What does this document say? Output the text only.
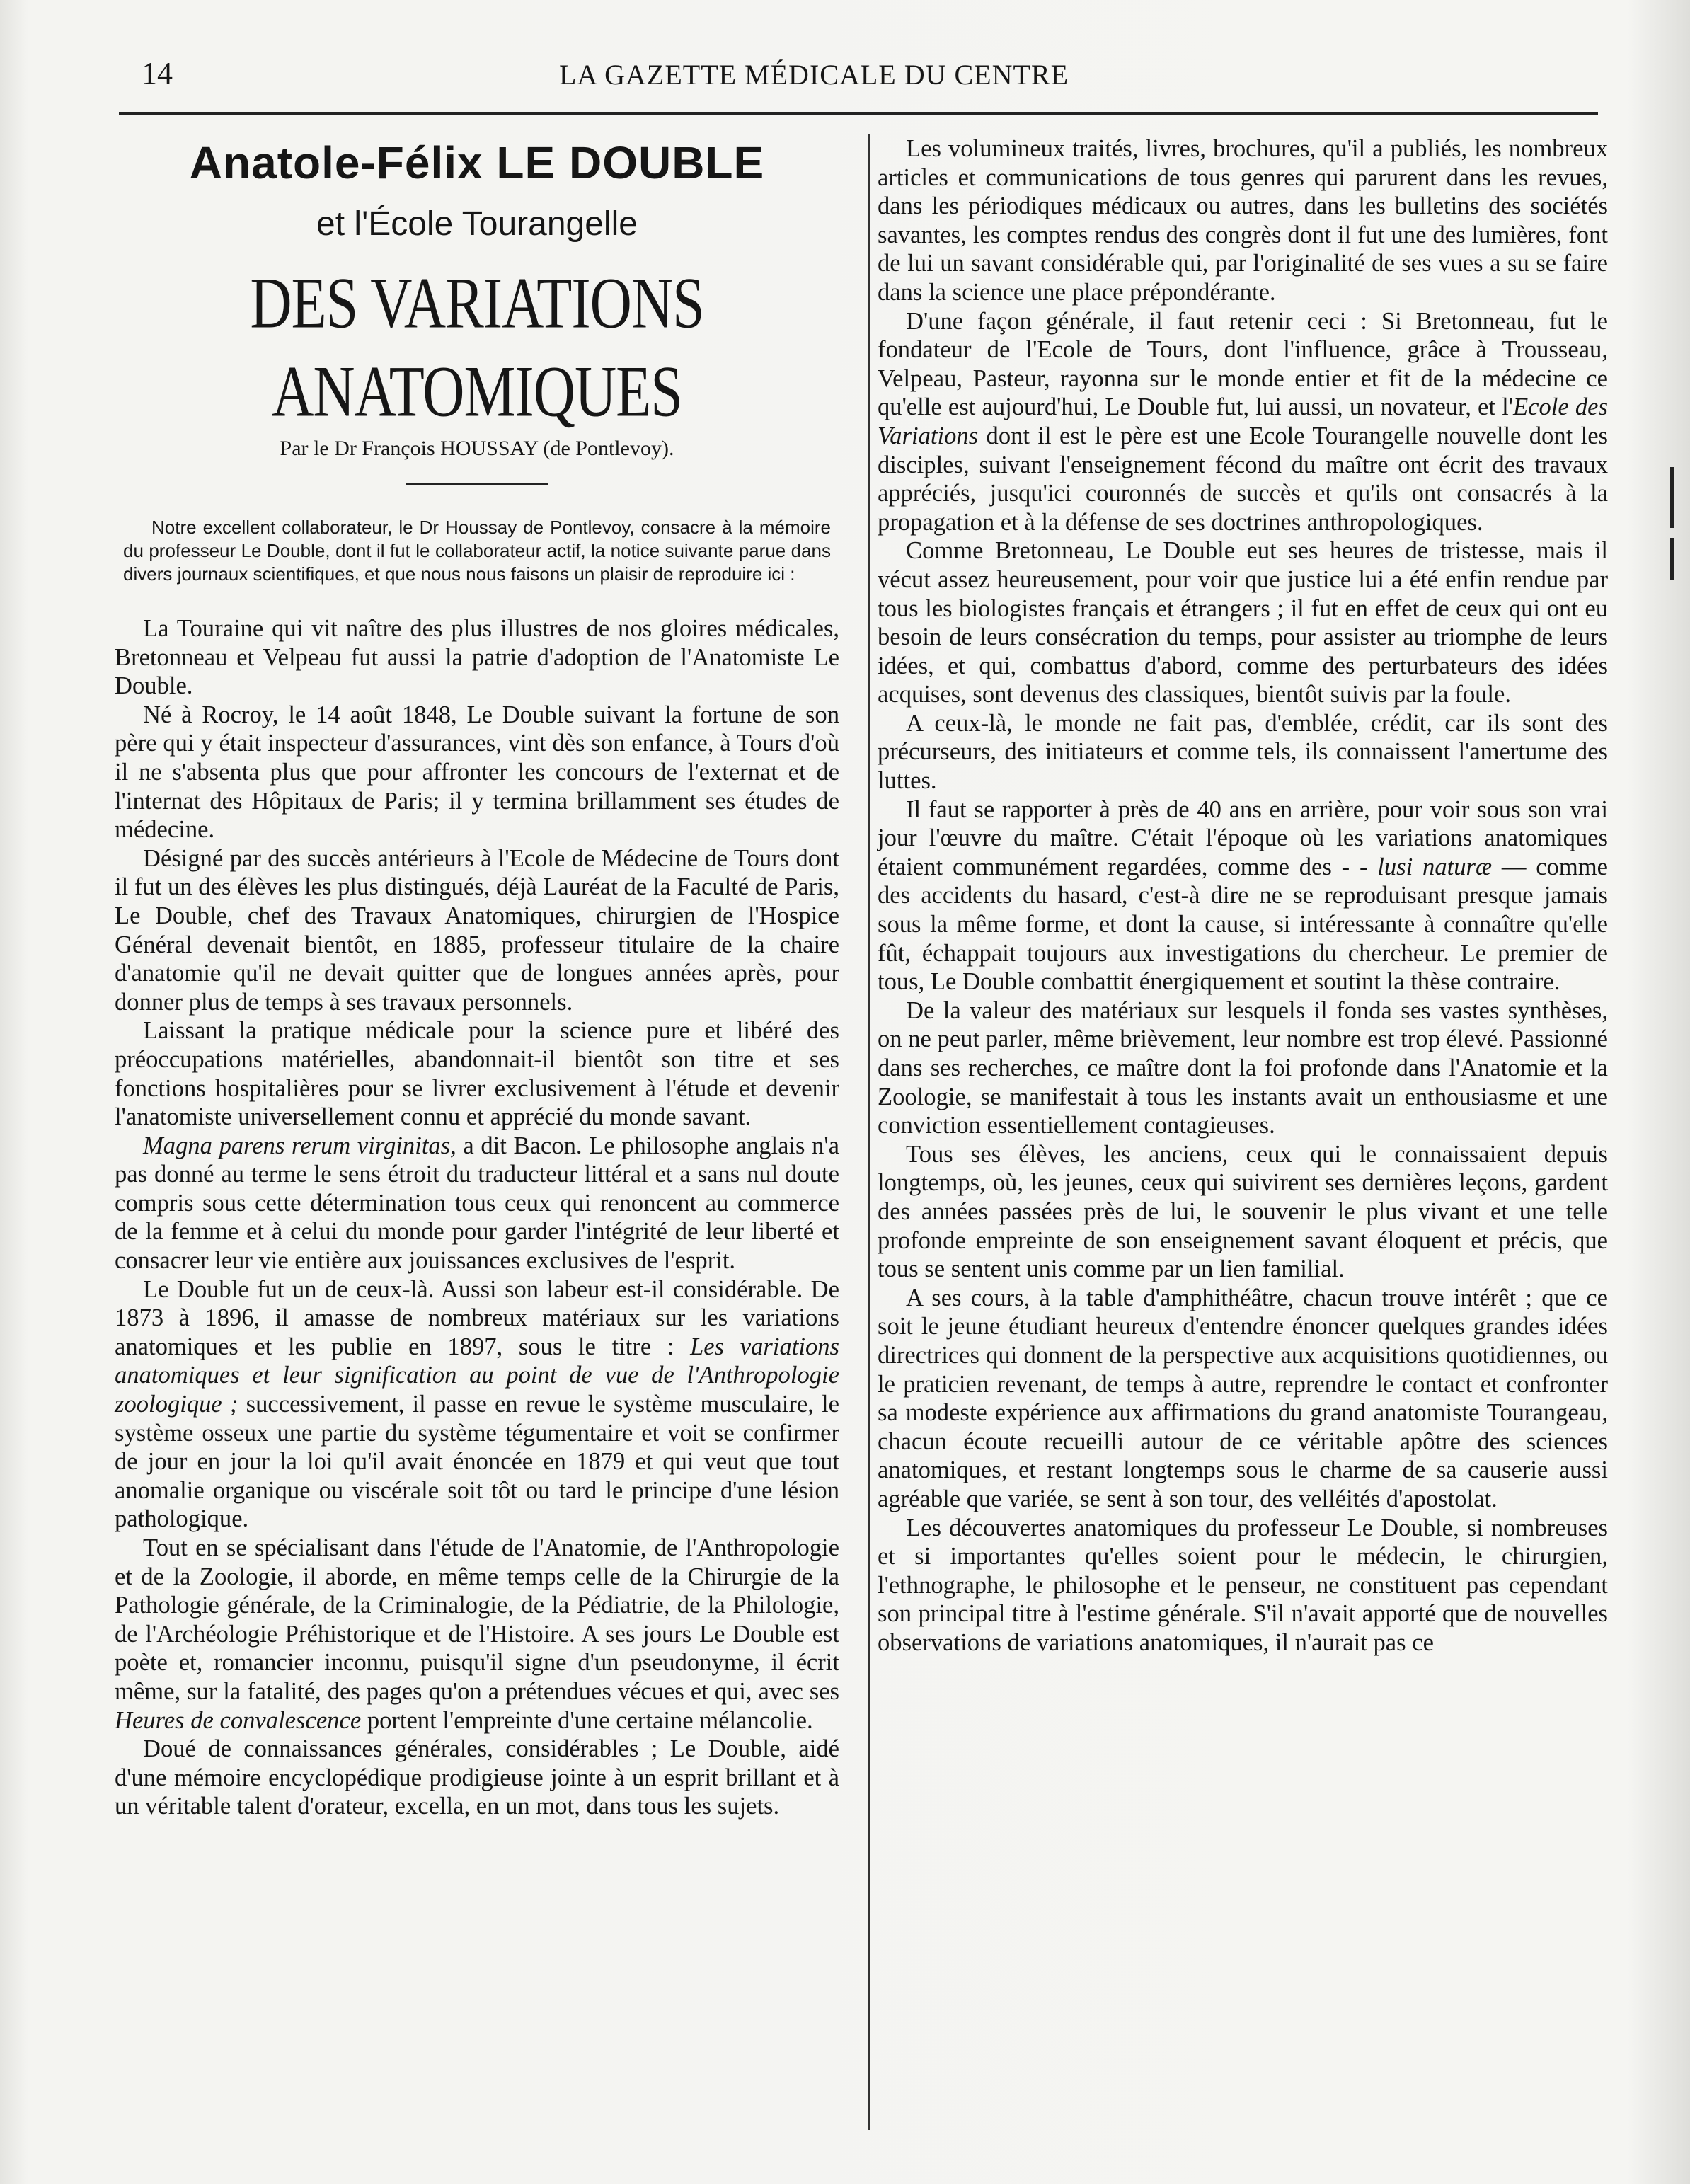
14	LA GAZETTE MÉDICALE DU CENTRE
Anatole-Félix LE DOUBLE
et l'École Tourangelle
DES VARIATIONS ANATOMIQUES
Par le Dr François HOUSSAY (de Pontlevoy).

Notre excellent collaborateur, le Dr Houssay de Pontlevoy, consacre à la mémoire du professeur Le Double, dont il fut le collaborateur actif, la notice suivante parue dans divers journaux scientifiques, et que nous nous faisons un plaisir de reproduire ici :

La Touraine qui vit naître des plus illustres de nos gloires médicales, Bretonneau et Velpeau fut aussi la patrie d'adoption de l'Anatomiste Le Double.

Né à Rocroy, le 14 août 1848, Le Double suivant la fortune de son père qui y était inspecteur d'assurances, vint dès son enfance, à Tours d'où il ne s'absenta plus que pour affronter les concours de l'externat et de l'internat des Hôpitaux de Paris; il y termina brillamment ses études de médecine.

Désigné par des succès antérieurs à l'Ecole de Médecine de Tours dont il fut un des élèves les plus distingués, déjà Lauréat de la Faculté de Paris, Le Double, chef des Travaux Anatomiques, chirurgien de l'Hospice Général devenait bientôt, en 1885, professeur titulaire de la chaire d'anatomie qu'il ne devait quitter que de longues années après, pour donner plus de temps à ses travaux personnels.

Laissant la pratique médicale pour la science pure et libéré des préoccupations matérielles, abandonnait-il bientôt son titre et ses fonctions hospitalières pour se livrer exclusivement à l'étude et devenir l'anatomiste universellement connu et apprécié du monde savant.

Magna parens rerum virginitas, a dit Bacon. Le philosophe anglais n'a pas donné au terme le sens étroit du traducteur littéral et a sans nul doute compris sous cette détermination tous ceux qui renoncent au commerce de la femme et à celui du monde pour garder l'intégrité de leur liberté et consacrer leur vie entière aux jouissances exclusives de l'esprit.

Le Double fut un de ceux-là. Aussi son labeur est-il considérable. De 1873 à 1896, il amasse de nombreux matériaux sur les variations anatomiques et les publie en 1897, sous le titre : Les variations anatomiques et leur signification au point de vue de l'Anthropologie zoologique ; successivement, il passe en revue le système musculaire, le système osseux une partie du système tégumentaire et voit se confirmer de jour en jour la loi qu'il avait énoncée en 1879 et qui veut que tout anomalie organique ou viscérale soit tôt ou tard le principe d'une lésion pathologique.

Tout en se spécialisant dans l'étude de l'Anatomie, de l'Anthropologie et de la Zoologie, il aborde, en même temps celle de la Chirurgie de la Pathologie générale, de la Criminalogie, de la Pédiatrie, de la Philologie, de l'Archéologie Préhistorique et de l'Histoire. A ses jours Le Double est poète et, romancier inconnu, puisqu'il signe d'un pseudonyme, il écrit même, sur la fatalité, des pages qu'on a prétendues vécues et qui, avec ses Heures de convalescence portent l'empreinte d'une certaine mélancolie.

Doué de connaissances générales, considérables ; Le Double, aidé d'une mémoire encyclopédique prodigieuse jointe à un esprit brillant et à un véritable talent d'orateur, excella, en un mot, dans tous les sujets.

Les volumineux traités, livres, brochures, qu'il a publiés, les nombreux articles et communications de tous genres qui parurent dans les revues, dans les périodiques médicaux ou autres, dans les bulletins des sociétés savantes, les comptes rendus des congrès dont il fut une des lumières, font de lui un savant considérable qui, par l'originalité de ses vues a su se faire dans la science une place prépondérante.

D'une façon générale, il faut retenir ceci : Si Bretonneau, fut le fondateur de l'Ecole de Tours, dont l'influence, grâce à Trousseau, Velpeau, Pasteur, rayonna sur le monde entier et fit de la médecine ce qu'elle est aujourd'hui, Le Double fut, lui aussi, un novateur, et l'Ecole des Variations dont il est le père est une Ecole Tourangelle nouvelle dont les disciples, suivant l'enseignement fécond du maître ont écrit des travaux appréciés, jusqu'ici couronnés de succès et qu'ils ont consacrés à la propagation et à la défense de ses doctrines anthropologiques.

Comme Bretonneau, Le Double eut ses heures de tristesse, mais il vécut assez heureusement, pour voir que justice lui a été enfin rendue par tous les biologistes français et étrangers ; il fut en effet de ceux qui ont eu besoin de leurs consécration du temps, pour assister au triomphe de leurs idées, et qui, combattus d'abord, comme des perturbateurs des idées acquises, sont devenus des classiques, bientôt suivis par la foule.

A ceux-là, le monde ne fait pas, d'emblée, crédit, car ils sont des précurseurs, des initiateurs et comme tels, ils connaissent l'amertume des luttes.

Il faut se rapporter à près de 40 ans en arrière, pour voir sous son vrai jour l'œuvre du maître. C'était l'époque où les variations anatomiques étaient communément regardées, comme des - - lusi naturæ — comme des accidents du hasard, c'est-à dire ne se reproduisant presque jamais sous la même forme, et dont la cause, si intéressante à connaître qu'elle fût, échappait toujours aux investigations du chercheur. Le premier de tous, Le Double combattit énergiquement et soutint la thèse contraire.

De la valeur des matériaux sur lesquels il fonda ses vastes synthèses, on ne peut parler, même brièvement, leur nombre est trop élevé. Passionné dans ses recherches, ce maître dont la foi profonde dans l'Anatomie et la Zoologie, se manifestait à tous les instants avait un enthousiasme et une conviction essentiellement contagieuses.

Tous ses élèves, les anciens, ceux qui le connaissaient depuis longtemps, où, les jeunes, ceux qui suivirent ses dernières leçons, gardent des années passées près de lui, le souvenir le plus vivant et une telle profonde empreinte de son enseignement savant éloquent et précis, que tous se sentent unis comme par un lien familial.

A ses cours, à la table d'amphithéâtre, chacun trouve intérêt ; que ce soit le jeune étudiant heureux d'entendre énoncer quelques grandes idées directrices qui donnent de la perspective aux acquisitions quotidiennes, ou le praticien revenant, de temps à autre, reprendre le contact et confronter sa modeste expérience aux affirmations du grand anatomiste Tourangeau, chacun écoute recueilli autour de ce véritable apôtre des sciences anatomiques, et restant longtemps sous le charme de sa causerie aussi agréable que variée, se sent à son tour, des velléités d'apostolat.

Les découvertes anatomiques du professeur Le Double, si nombreuses et si importantes qu'elles soient pour le médecin, le chirurgien, l'ethnographe, le philosophe et le penseur, ne constituent pas cependant son principal titre à l'estime générale. S'il n'avait apporté que de nouvelles observations de variations anatomiques, il n'aurait pas ce
